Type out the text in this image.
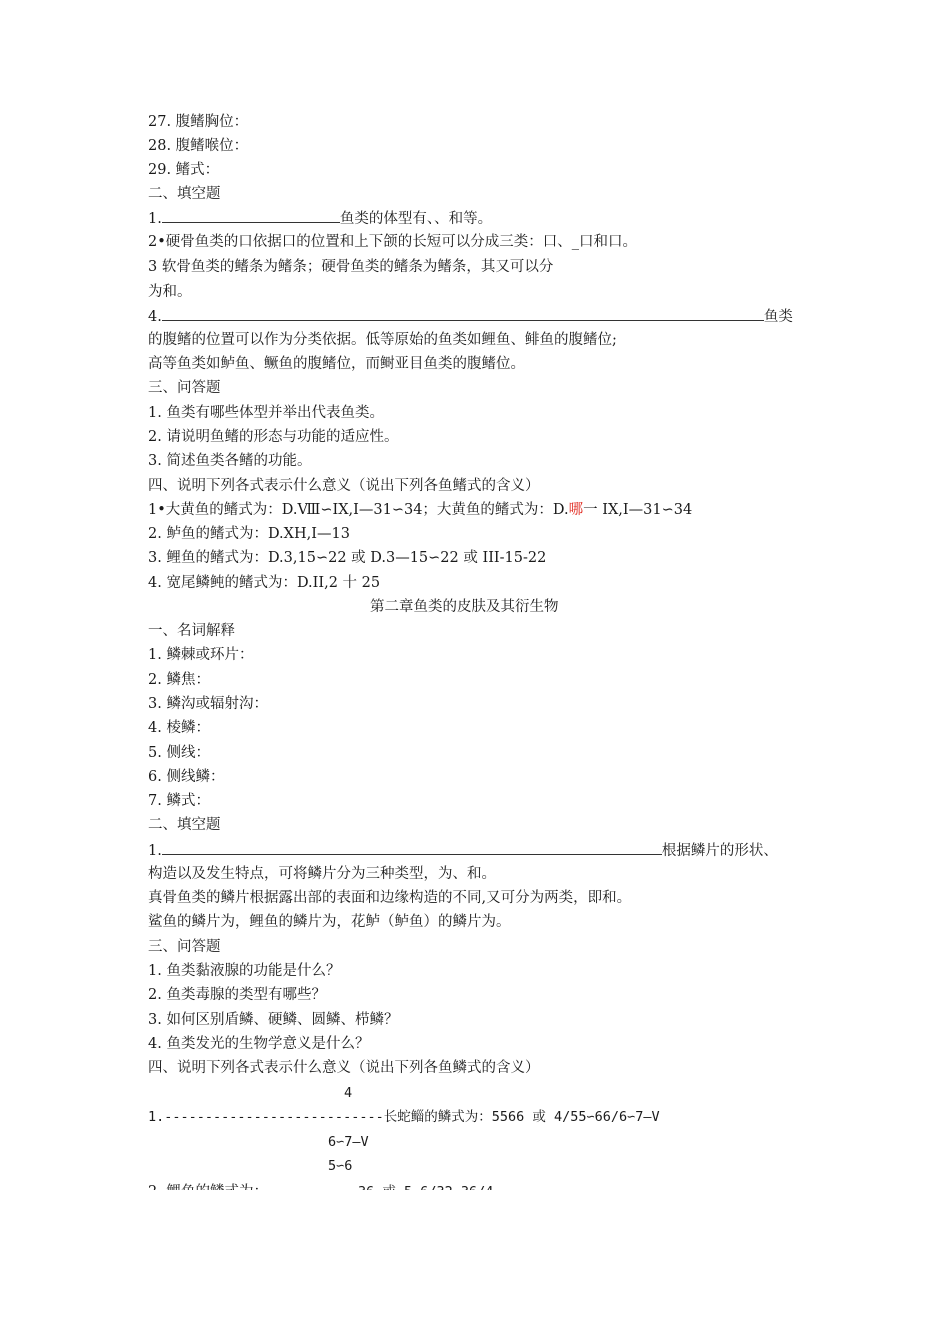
27. 腹鳍胸位：
28. 腹鳍喉位：
29. 鳍式：
二、填空题
1.	鱼类的体型有、、和等。
2•硬骨鱼类的口依据口的位置和上下颌的长短可以分成三类：口、_口和口。
3 软骨鱼类的鳍条为鳍条；硬骨鱼类的鳍条为鳍条，其又可以分
为和。
4.	鱼类
的腹鳍的位置可以作为分类依据。低等原始的鱼类如鲤鱼、鲱鱼的腹鳍位;
高等鱼类如鲈鱼、鳜鱼的腹鳍位，而鲥亚目鱼类的腹鳍位。
三、问答题
1. 鱼类有哪些体型并举出代表鱼类。
2. 请说明鱼鳍的形态与功能的适应性。
3. 简述鱼类各鳍的功能。
四、说明下列各式表示什么意义（说出下列各鱼鳍式的含义）
1•大黄鱼的鳍式为：D.Ⅷ∽IX,I—31∽34；大黄鱼的鳍式为：D.哪一 IX,I—31∽34
2. 鲈鱼的鳍式为：D.XH,I—13
3. 鲤鱼的鳍式为：D.3,15∽22 或 D.3—15∽22 或 III-15-22
4. 宽尾鳞鲀的鳍式为：D.II,2 十 25
第二章鱼类的皮肤及其衍生物
一、名词解释
1. 鳞棘或环片：
2. 鳞焦：
3. 鳞沟或辐射沟：
4. 棱鳞：
5. 侧线：
6. 侧线鳞：
7. 鳞式：
二、填空题
1.	根据鳞片的形状、
构造以及发生特点，可将鳞片分为三种类型，为、和。
真骨鱼类的鳞片根据露出部的表面和边缘构造的不同,又可分为两类，即和。
鲨鱼的鳞片为，鲤鱼的鳞片为，花鲈（鲈鱼）的鳞片为。
三、问答题
1. 鱼类黏液腺的功能是什么？
2. 鱼类毒腺的类型有哪些？
3. 如何区别盾鳞、硬鳞、圆鳞、栉鳞？
4. 鱼类发光的生物学意义是什么？
四、说明下列各式表示什么意义（说出下列各鱼鳞式的含义）
4
1.---------------------------长蛇鲻的鳞式为：5566 或 4/55∽66/6∽7—V
6∽7—V
5∽6
